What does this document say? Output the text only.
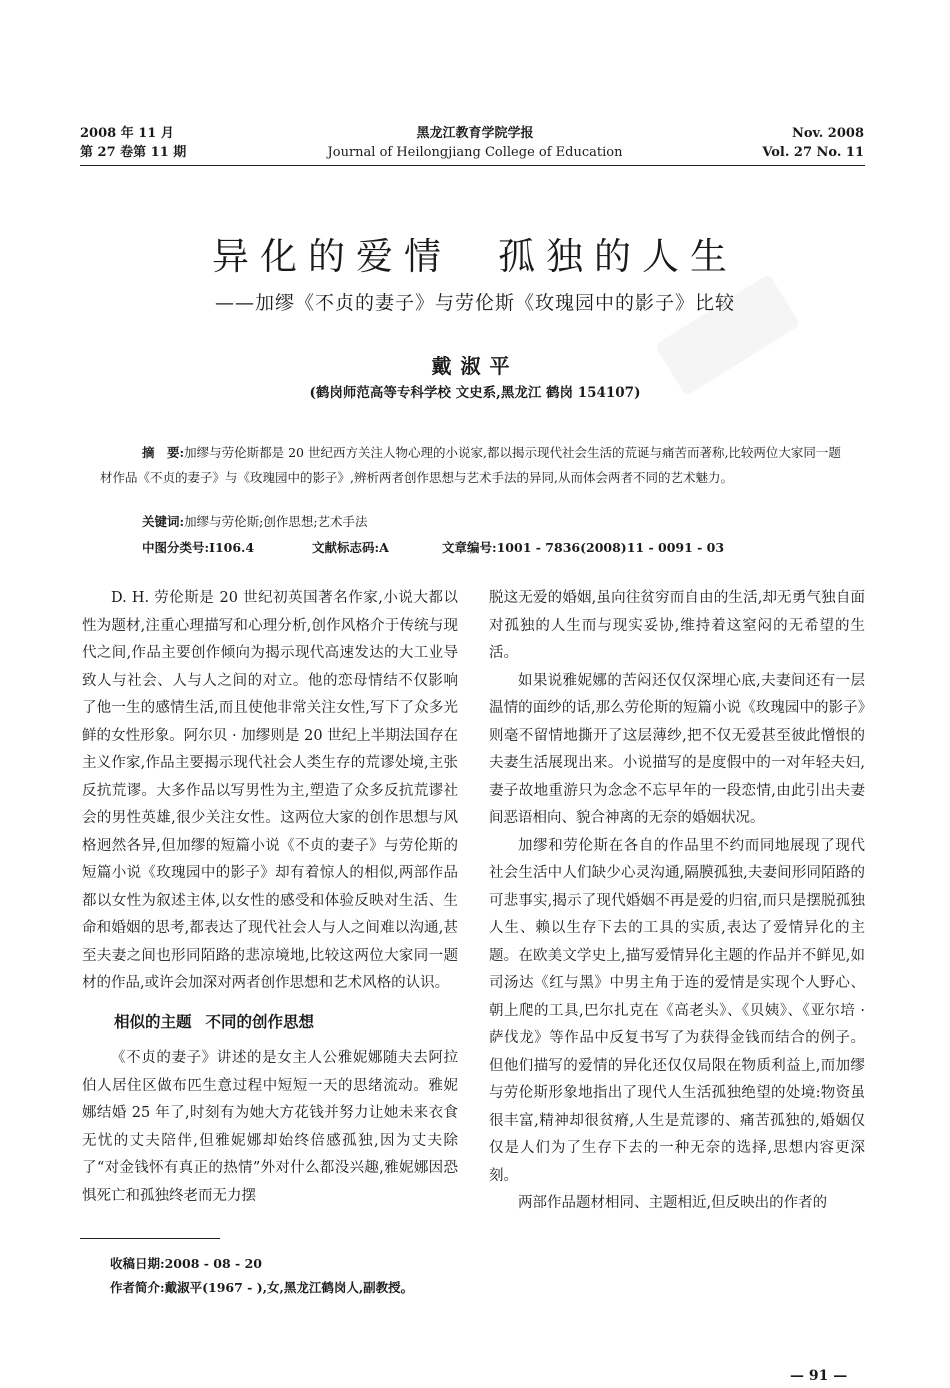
2008 年 11 月
第 27 卷第 11 期
黑龙江教育学院学报
Journal of Heilongjiang College of Education
Nov. 2008
Vol. 27 No. 11
异化的爱情 孤独的人生
——加缪《不贞的妻子》与劳伦斯《玫瑰园中的影子》比较
戴淑平
(鹤岗师范高等专科学校 文史系,黑龙江 鹤岗 154107)
摘　要:加缪与劳伦斯都是 20 世纪西方关注人物心理的小说家,都以揭示现代社会生活的荒诞与痛苦而著称,比较两位大家同一题材作品《不贞的妻子》与《玫瑰园中的影子》,辨析两者创作思想与艺术手法的异同,从而体会两者不同的艺术魅力。
关键词:加缪与劳伦斯;创作思想;艺术手法
中图分类号:I106.4	文献标志码:A	文章编号:1001 - 7836(2008)11 - 0091 - 03

D. H. 劳伦斯是 20 世纪初英国著名作家,小说大都以性为题材,注重心理描写和心理分析,创作风格介于传统与现代之间,作品主要创作倾向为揭示现代高速发达的大工业导致人与社会、人与人之间的对立。他的恋母情结不仅影响了他一生的感情生活,而且使他非常关注女性,写下了众多光鲜的女性形象。阿尔贝 · 加缪则是 20 世纪上半期法国存在主义作家,作品主要揭示现代社会人类生存的荒谬处境,主张反抗荒谬。大多作品以写男性为主,塑造了众多反抗荒谬社会的男性英雄,很少关注女性。这两位大家的创作思想与风格迥然各异,但加缪的短篇小说《不贞的妻子》与劳伦斯的短篇小说《玫瑰园中的影子》却有着惊人的相似,两部作品都以女性为叙述主体,以女性的感受和体验反映对生活、生命和婚姻的思考,都表达了现代社会人与人之间难以沟通,甚至夫妻之间也形同陌路的悲凉境地,比较这两位大家同一题材的作品,或许会加深对两者创作思想和艺术风格的认识。

相似的主题 不同的创作思想

《不贞的妻子》讲述的是女主人公雅妮娜随夫去阿拉伯人居住区做布匹生意过程中短短一天的思绪流动。雅妮娜结婚 25 年了,时刻有为她大方花钱并努力让她未来衣食无忧的丈夫陪伴,但雅妮娜却始终倍感孤独,因为丈夫除了“对金钱怀有真正的热情”外对什么都没兴趣,雅妮娜因恐惧死亡和孤独终老而无力摆

脱这无爱的婚姻,虽向往贫穷而自由的生活,却无勇气独自面对孤独的人生而与现实妥协,维持着这窒闷的无希望的生活。

如果说雅妮娜的苦闷还仅仅深埋心底,夫妻间还有一层温情的面纱的话,那么劳伦斯的短篇小说《玫瑰园中的影子》则毫不留情地撕开了这层薄纱,把不仅无爱甚至彼此憎恨的夫妻生活展现出来。小说描写的是度假中的一对年轻夫妇,妻子故地重游只为念念不忘早年的一段恋情,由此引出夫妻间恶语相向、貌合神离的无奈的婚姻状况。

加缪和劳伦斯在各自的作品里不约而同地展现了现代社会生活中人们缺少心灵沟通,隔膜孤独,夫妻间形同陌路的可悲事实,揭示了现代婚姻不再是爱的归宿,而只是摆脱孤独人生、赖以生存下去的工具的实质,表达了爱情异化的主题。在欧美文学史上,描写爱情异化主题的作品并不鲜见,如司汤达《红与黑》中男主角于连的爱情是实现个人野心、朝上爬的工具,巴尔扎克在《高老头》、《贝姨》、《亚尔培 · 萨伐龙》等作品中反复书写了为获得金钱而结合的例子。但他们描写的爱情的异化还仅仅局限在物质利益上,而加缪与劳伦斯形象地指出了现代人生活孤独绝望的处境:物资虽很丰富,精神却很贫瘠,人生是荒谬的、痛苦孤独的,婚姻仅仅是人们为了生存下去的一种无奈的选择,思想内容更深刻。

两部作品题材相同、主题相近,但反映出的作者的

收稿日期:2008 - 08 - 20
作者简介:戴淑平(1967 - ),女,黑龙江鹤岗人,副教授。
— 91 —
